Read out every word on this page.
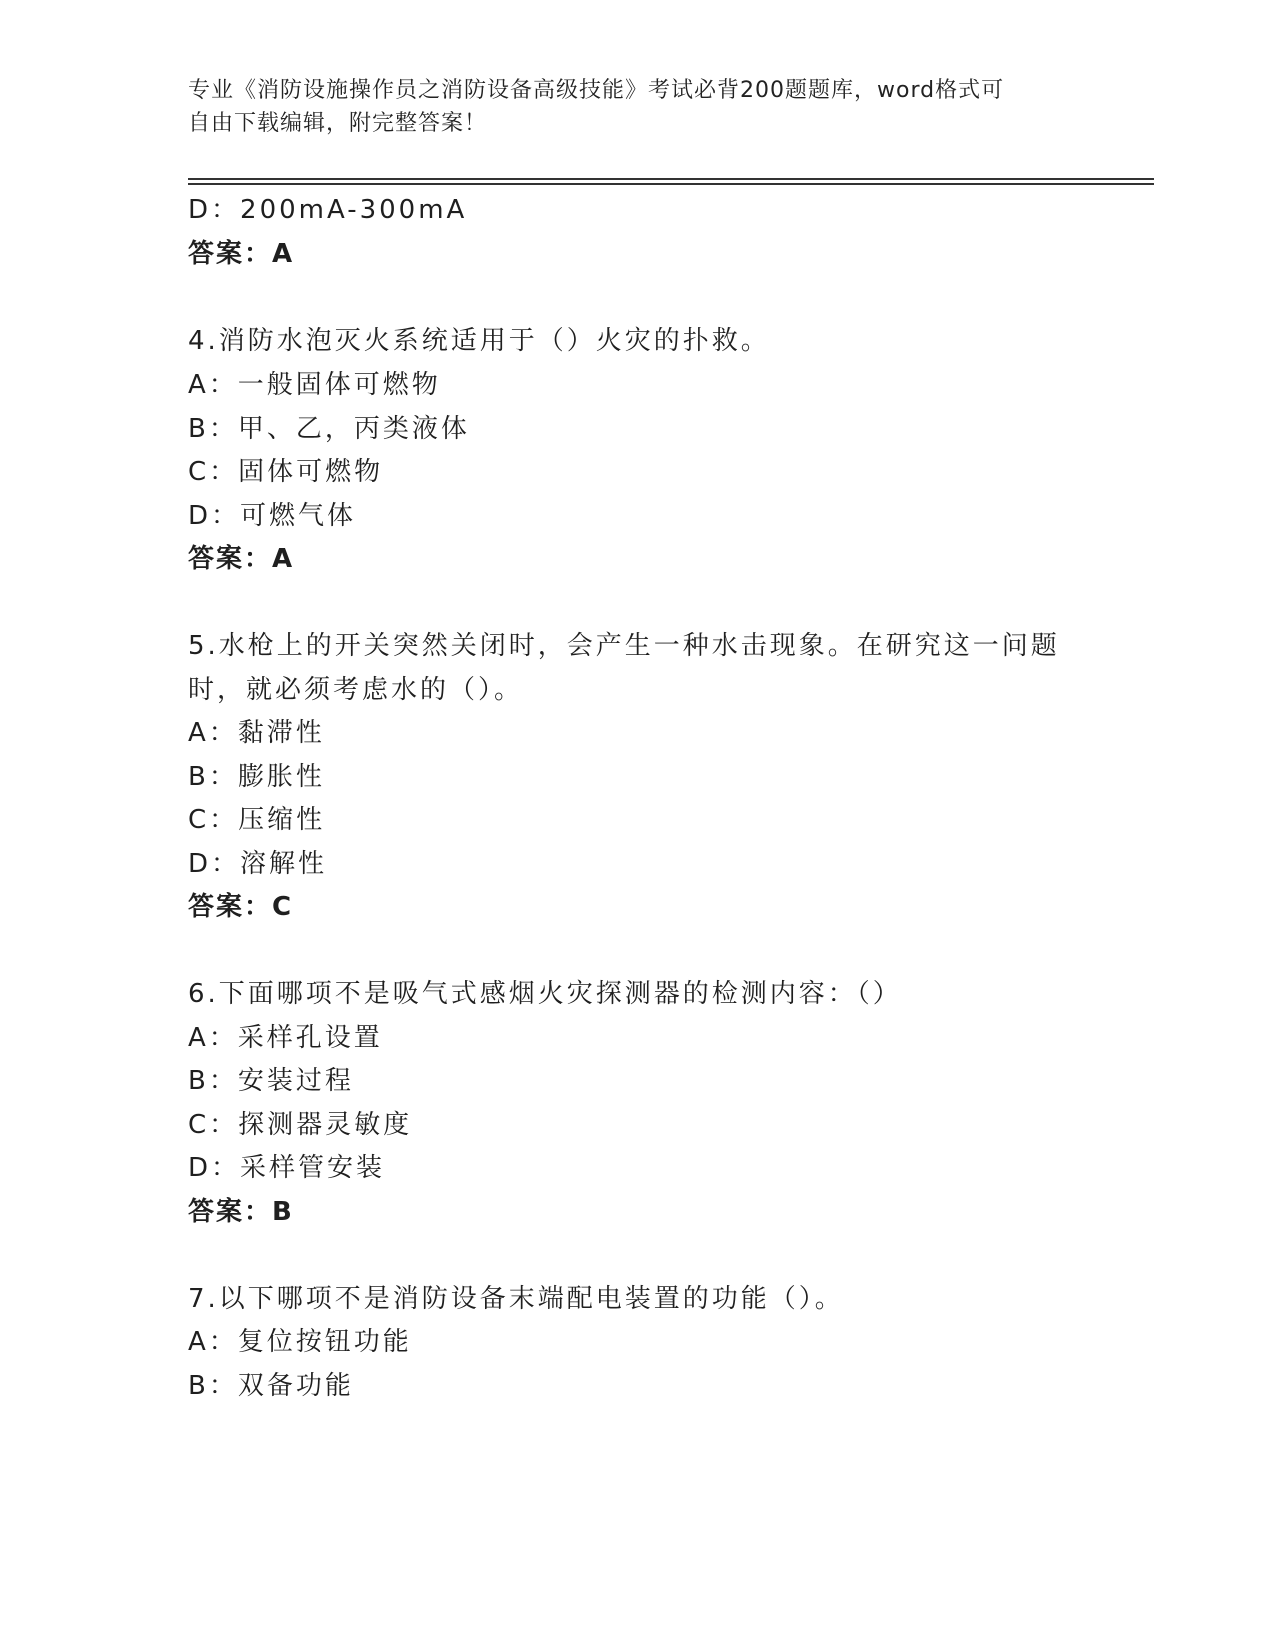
专业《消防设施操作员之消防设备高级技能》考试必背200题题库，word格式可
自由下载编辑，附完整答案！
D：200mA-300mA
答案：A
4.消防水泡灭火系统适用于（）火灾的扑救。
A：一般固体可燃物
B：甲、乙，丙类液体
C：固体可燃物
D：可燃气体
答案：A
5.水枪上的开关突然关闭时，会产生一种水击现象。在研究这一问题
时，就必须考虑水的（）。
A：黏滞性
B：膨胀性
C：压缩性
D：溶解性
答案：C
6.下面哪项不是吸气式感烟火灾探测器的检测内容：（）
A：采样孔设置
B：安装过程
C：探测器灵敏度
D：采样管安装
答案：B
7.以下哪项不是消防设备末端配电装置的功能（）。
A：复位按钮功能
B：双备功能
